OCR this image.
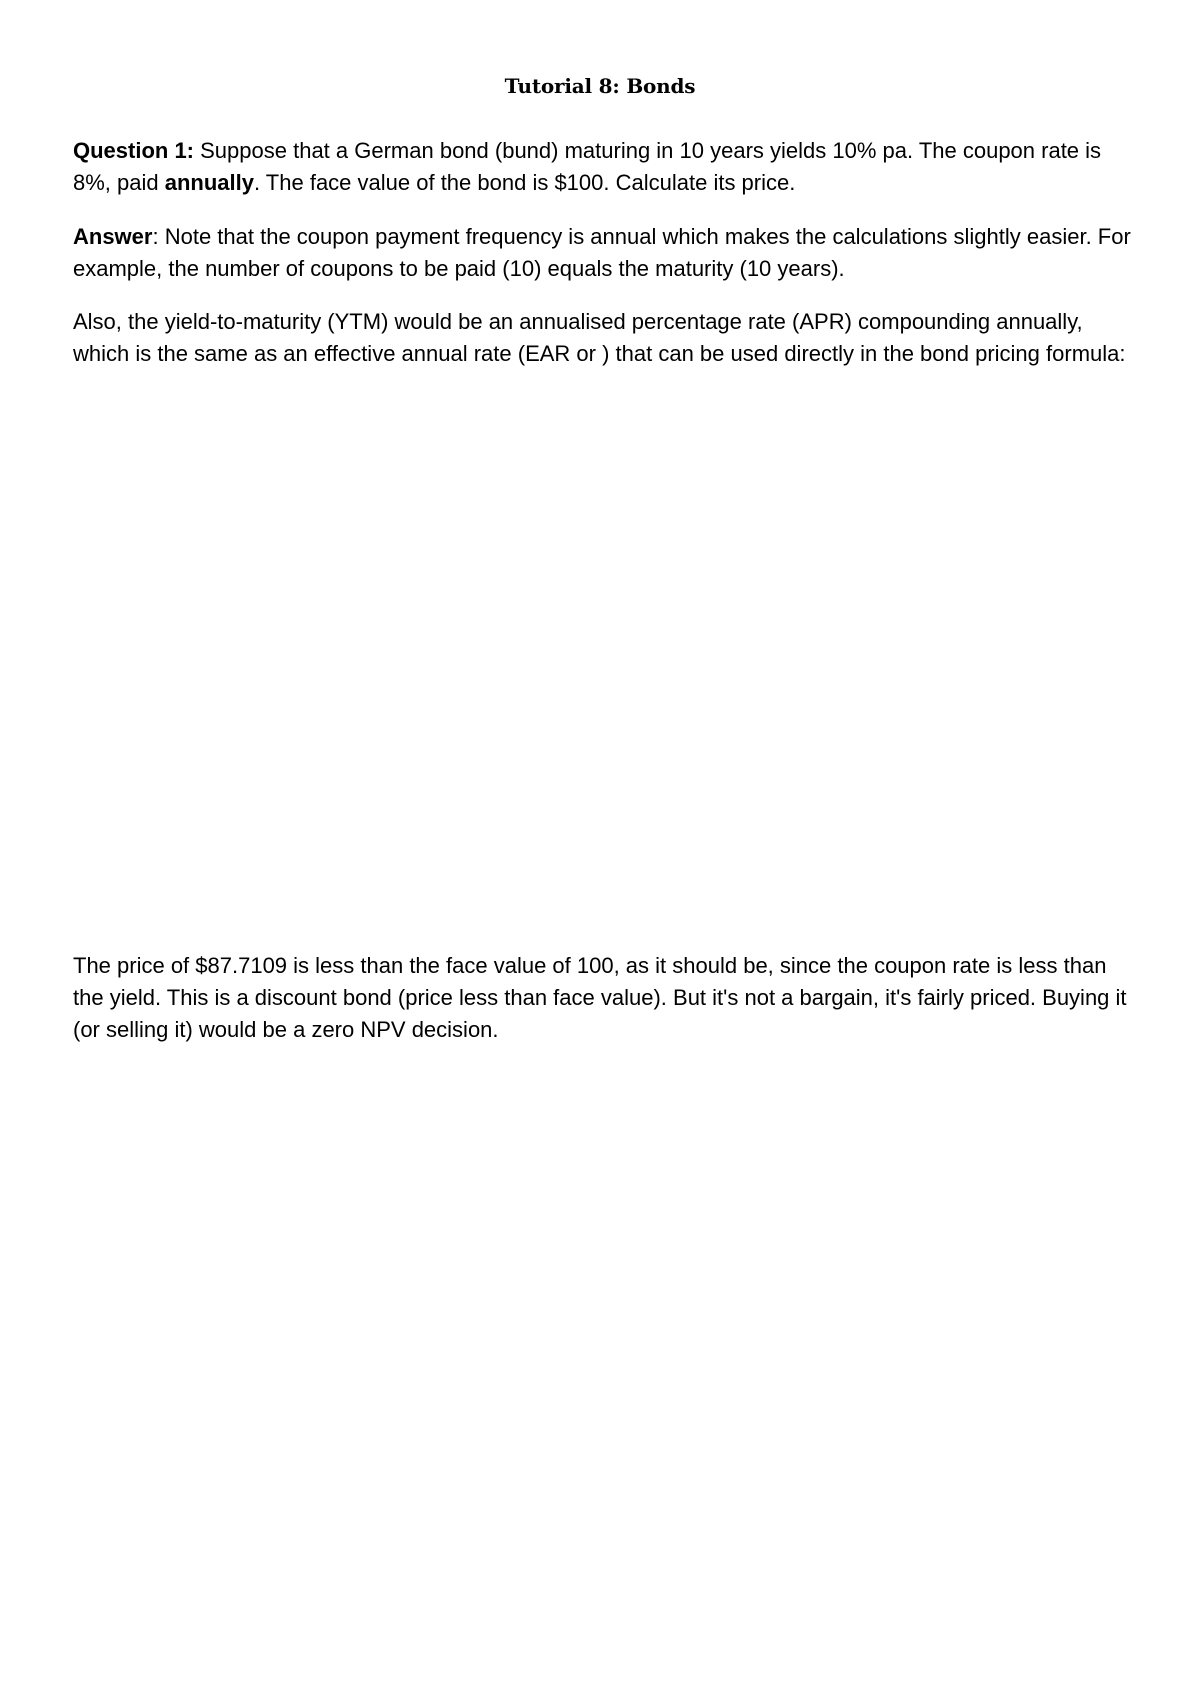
Tutorial 8: Bonds

Question 1: Suppose that a German bond (bund) maturing in 10 years yields 10% pa. The coupon rate is 8%, paid annually. The face value of the bond is $100. Calculate its price.

Answer: Note that the coupon payment frequency is annual which makes the calculations slightly easier. For example, the number of coupons to be paid (10) equals the maturity (10 years).

Also, the yield-to-maturity (YTM) would be an annualised percentage rate (APR) compounding annually, which is the same as an effective annual rate (EAR or ) that can be used directly in the bond pricing formula:

The price of $87.7109 is less than the face value of 100, as it should be, since the coupon rate is less than the yield. This is a discount bond (price less than face value). But it's not a bargain, it's fairly priced. Buying it (or selling it) would be a zero NPV decision.
